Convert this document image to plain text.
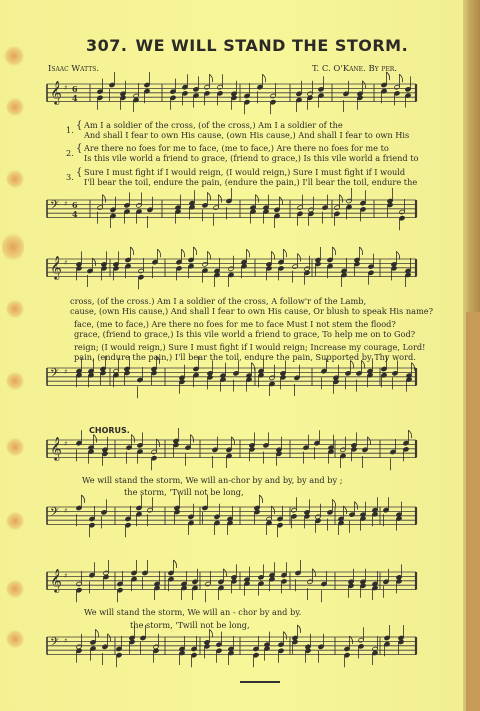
307. WE WILL STAND THE STORM.
Isaac Watts.	T. C. O'Kane. By per.
𝄞 6
4
♯
𝄢 6
4
♯
𝄞 ♯
𝄢 ♯
𝄞 ♯
𝄢 ♯
𝄞 ♯
𝄢 ♯
1. { Am I a soldier of the cross, (of the cross,) Am I a soldier of the
And shall I fear to own His cause, (own His cause,) And shall I fear to own His
2. { Are there no foes for me to face, (me to face,) Are there no foes for me to
Is this vile world a friend to grace, (friend to grace,) Is this vile world a friend to
3. { Sure I must fight if I would reign, (I would reign,) Sure I must fight if I would
I'll bear the toil, endure the pain, (endure the pain,) I'll bear the toil, endure the
cross, (of the cross.) Am I a soldier of the cross, A follow'r of the Lamb,
cause, (own His cause,) And shall I fear to own His cause, Or blush to speak His name?
face, (me to face,) Are there no foes for me to face Must I not stem the flood?
grace, (friend to grace,) Is this vile world a friend to grace, To help me on to God?
reign; (I would reign,) Sure I must fight if I would reign; Increase my courage, Lord!
pain, (endure the pain,) I'll bear the toil, endure the pain, Supported by Thy word.
CHORUS.
We will stand the storm, We will an-chor by and by, by and by ;
the storm, 'Twill not be long,
We will stand the storm, We will an - chor by and by.
the storm, 'Twill not be long,
